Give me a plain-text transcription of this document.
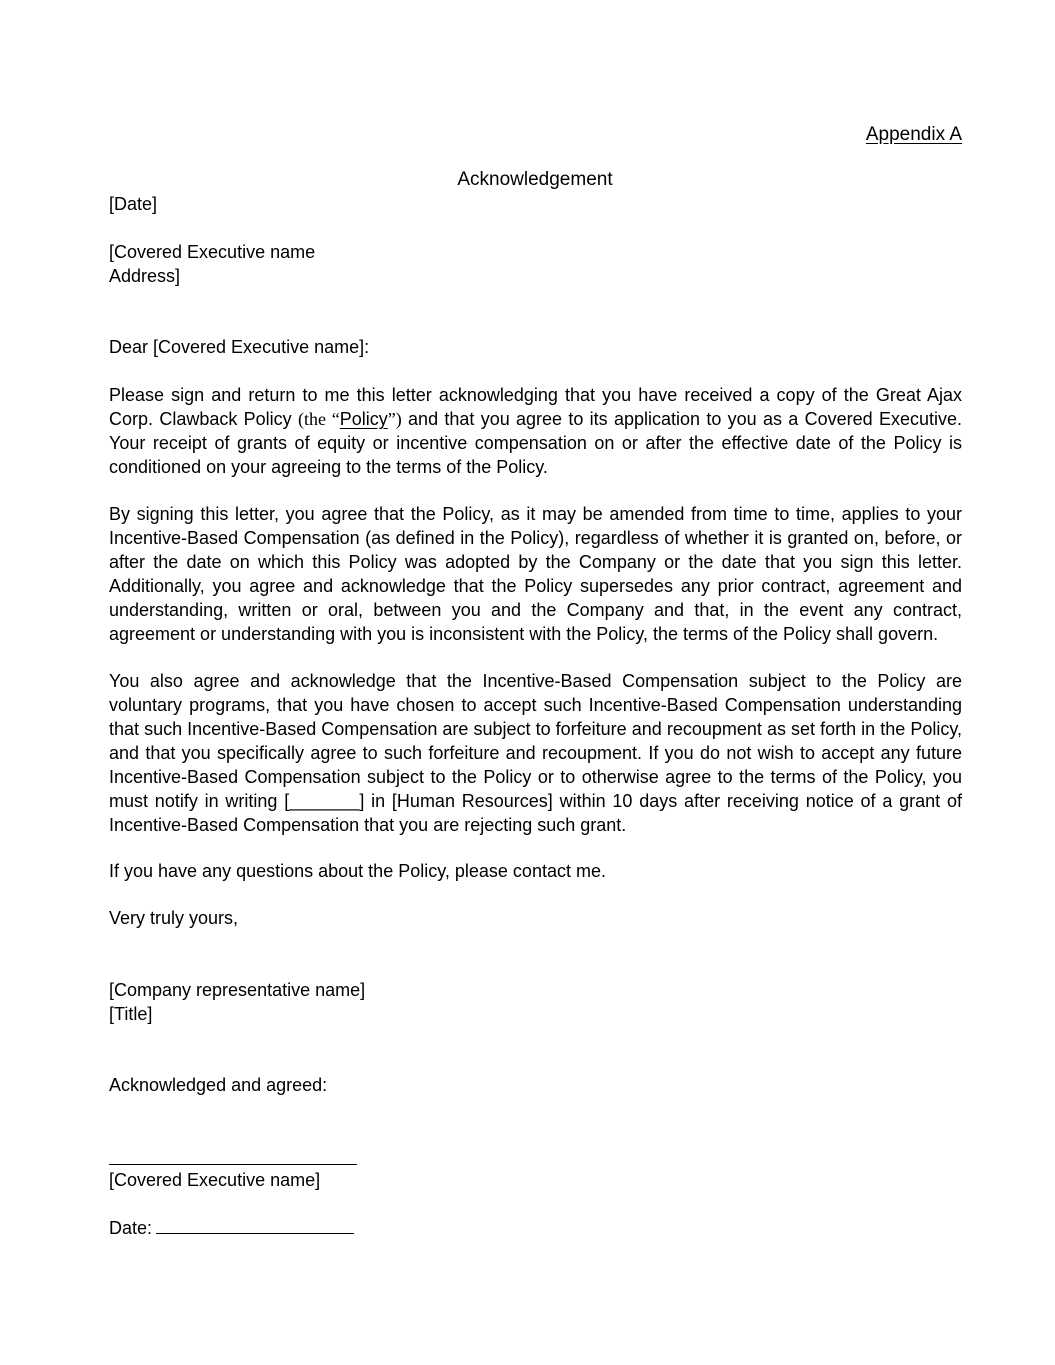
Appendix A
Acknowledgement
[Date]
[Covered Executive name
Address]
Dear [Covered Executive name]:
Please sign and return to me this letter acknowledging that you have received a copy of the Great Ajax Corp. Clawback Policy (the “Policy”) and that you agree to its application to you as a Covered Executive. Your receipt of grants of equity or incentive compensation on or after the effective date of the Policy is conditioned on your agreeing to the terms of the Policy.
By signing this letter, you agree that the Policy, as it may be amended from time to time, applies to your Incentive-Based Compensation (as defined in the Policy), regardless of whether it is granted on, before, or after the date on which this Policy was adopted by the Company or the date that you sign this letter. Additionally, you agree and acknowledge that the Policy supersedes any prior contract, agreement and understanding, written or oral, between you and the Company and that, in the event any contract, agreement or understanding with you is inconsistent with the Policy, the terms of the Policy shall govern.
You also agree and acknowledge that the Incentive-Based Compensation subject to the Policy are voluntary programs, that you have chosen to accept such Incentive-Based Compensation understanding that such Incentive-Based Compensation are subject to forfeiture and recoupment as set forth in the Policy, and that you specifically agree to such forfeiture and recoupment. If you do not wish to accept any future Incentive-Based Compensation subject to the Policy or to otherwise agree to the terms of the Policy, you must notify in writing [_______] in [Human Resources] within 10 days after receiving notice of a grant of Incentive-Based Compensation that you are rejecting such grant.
If you have any questions about the Policy, please contact me.
Very truly yours,
[Company representative name]
[Title]
Acknowledged and agreed:
[Covered Executive name]
Date:
